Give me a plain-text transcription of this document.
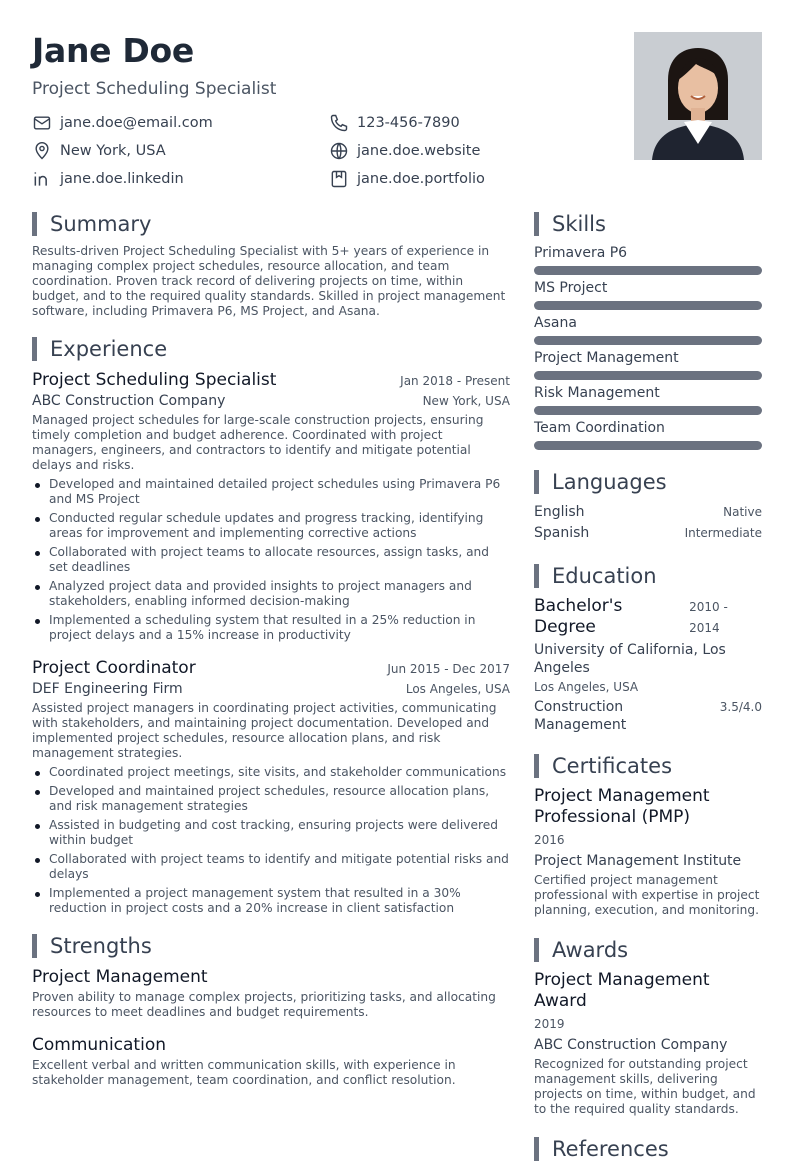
Jane Doe
Project Scheduling Specialist
jane.doe@email.com	123-456-7890
New York, USA	jane.doe.website
jane.doe.linkedin	jane.doe.portfolio
Summary

Results-driven Project Scheduling Specialist with 5+ years of experience in managing complex project schedules, resource allocation, and team coordination. Proven track record of delivering projects on time, within budget, and to the required quality standards. Skilled in project management software, including Primavera P6, MS Project, and Asana.

Experience
Project Scheduling Specialist	Jan 2018 - Present
ABC Construction Company	New York, USA

Managed project schedules for large-scale construction projects, ensuring timely completion and budget adherence. Coordinated with project managers, engineers, and contractors to identify and mitigate potential delays and risks.

Developed and maintained detailed project schedules using Primavera P6 and MS Project
Conducted regular schedule updates and progress tracking, identifying areas for improvement and implementing corrective actions
Collaborated with project teams to allocate resources, assign tasks, and set deadlines
Analyzed project data and provided insights to project managers and stakeholders, enabling informed decision-making
Implemented a scheduling system that resulted in a 25% reduction in project delays and a 15% increase in productivity
Project Coordinator	Jun 2015 - Dec 2017
DEF Engineering Firm	Los Angeles, USA

Assisted project managers in coordinating project activities, communicating with stakeholders, and maintaining project documentation. Developed and implemented project schedules, resource allocation plans, and risk management strategies.

Coordinated project meetings, site visits, and stakeholder communications
Developed and maintained project schedules, resource allocation plans, and risk management strategies
Assisted in budgeting and cost tracking, ensuring projects were delivered within budget
Collaborated with project teams to identify and mitigate potential risks and delays
Implemented a project management system that resulted in a 30% reduction in project costs and a 20% increase in client satisfaction
Strengths
Project Management

Proven ability to manage complex projects, prioritizing tasks, and allocating resources to meet deadlines and budget requirements.

Communication

Excellent verbal and written communication skills, with experience in stakeholder management, team coordination, and conflict resolution.

Skills
Primavera P6
MS Project
Asana
Project Management
Risk Management
Team Coordination
Languages
English	Native
Spanish	Intermediate
Education
Bachelor's Degree
2010 - 2014
University of California, Los Angeles
Los Angeles, USA
Construction Management
3.5/4.0
Certificates
Project Management Professional (PMP)
2016
Project Management Institute

Certified project management professional with expertise in project planning, execution, and monitoring.

Awards
Project Management Award
2019
ABC Construction Company

Recognized for outstanding project management skills, delivering projects on time, within budget, and to the required quality standards.

References
